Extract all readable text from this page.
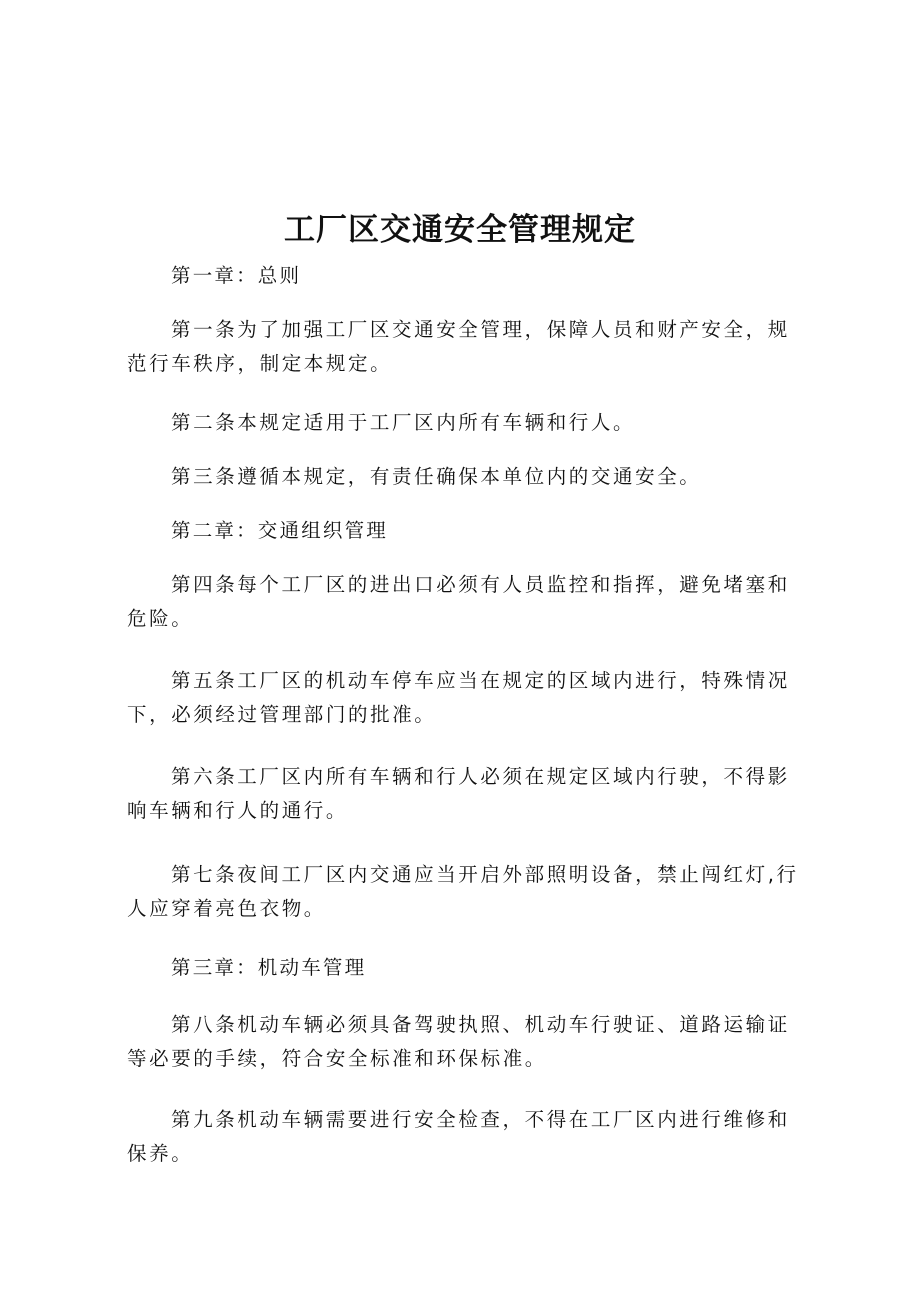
工厂区交通安全管理规定

第一章：总则

第一条为了加强工厂区交通安全管理，保障人员和财产安全，规范行车秩序，制定本规定。

第二条本规定适用于工厂区内所有车辆和行人。

第三条遵循本规定，有责任确保本单位内的交通安全。

第二章：交通组织管理

第四条每个工厂区的进出口必须有人员监控和指挥，避免堵塞和危险。

第五条工厂区的机动车停车应当在规定的区域内进行，特殊情况下，必须经过管理部门的批准。

第六条工厂区内所有车辆和行人必须在规定区域内行驶，不得影响车辆和行人的通行。

第七条夜间工厂区内交通应当开启外部照明设备，禁止闯红灯,行人应穿着亮色衣物。

第三章：机动车管理

第八条机动车辆必须具备驾驶执照、机动车行驶证、道路运输证等必要的手续，符合安全标准和环保标准。

第九条机动车辆需要进行安全检查，不得在工厂区内进行维修和保养。
